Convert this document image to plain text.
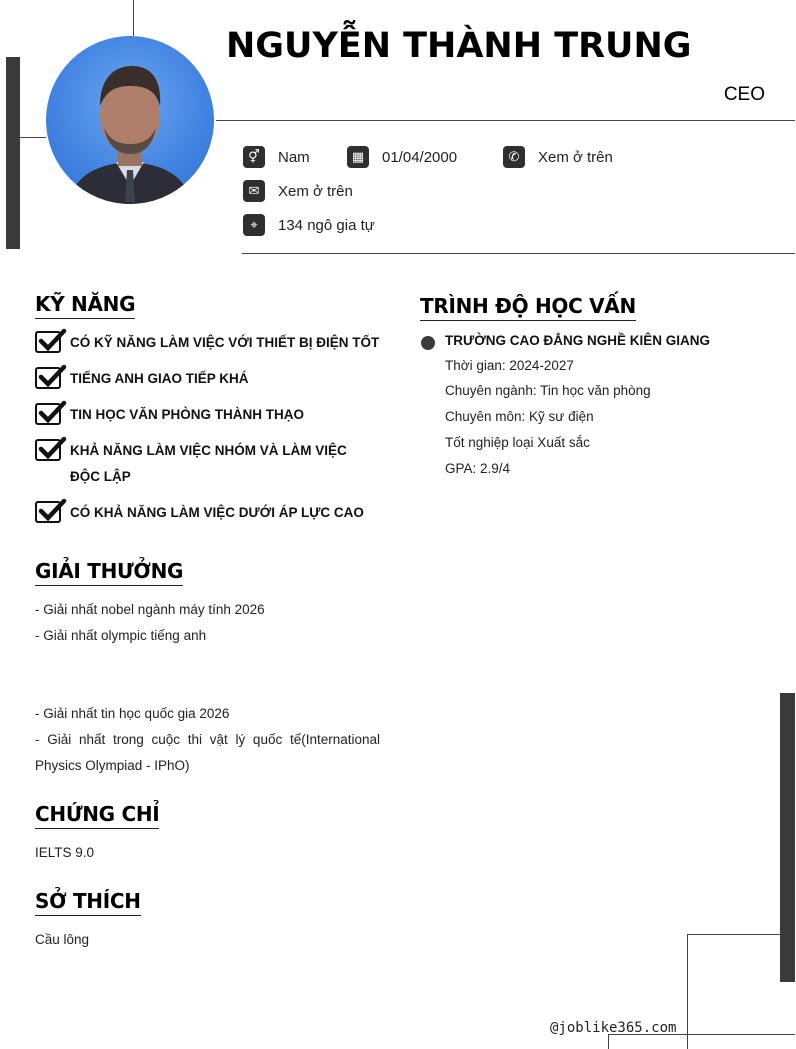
NGUYỄN THÀNH TRUNG
CEO
⚥	Nam	▦	01/04/2000	✆	Xem ở trên
✉	Xem ở trên
⌖	134 ngô gia tự
KỸ NĂNG
CÓ KỸ NĂNG LÀM VIỆC VỚI THIẾT BỊ ĐIỆN TỐT
TIẾNG ANH GIAO TIẾP KHÁ
TIN HỌC VĂN PHÒNG THÀNH THẠO
KHẢ NĂNG LÀM VIỆC NHÓM VÀ LÀM VIỆC ĐỘC LẬP
CÓ KHẢ NĂNG LÀM VIỆC DƯỚI ÁP LỰC CAO
GIẢI THƯỞNG
- Giải nhất nobel ngành máy tính 2026
- Giải nhất olympic tiếng anh
- Giải nhất tin học quốc gia 2026
- Giải nhất trong cuộc thi vật lý quốc tế(International Physics Olympiad - IPhO)
CHỨNG CHỈ
IELTS 9.0
SỞ THÍCH
Cầu lông
TRÌNH ĐỘ HỌC VẤN
TRƯỜNG CAO ĐẲNG NGHỀ KIÊN GIANG
Thời gian: 2024-2027
Chuyên ngành: Tin học văn phòng
Chuyên môn: Kỹ sư điện
Tốt nghiệp loại Xuất sắc
GPA: 2.9/4
@joblike365.com
